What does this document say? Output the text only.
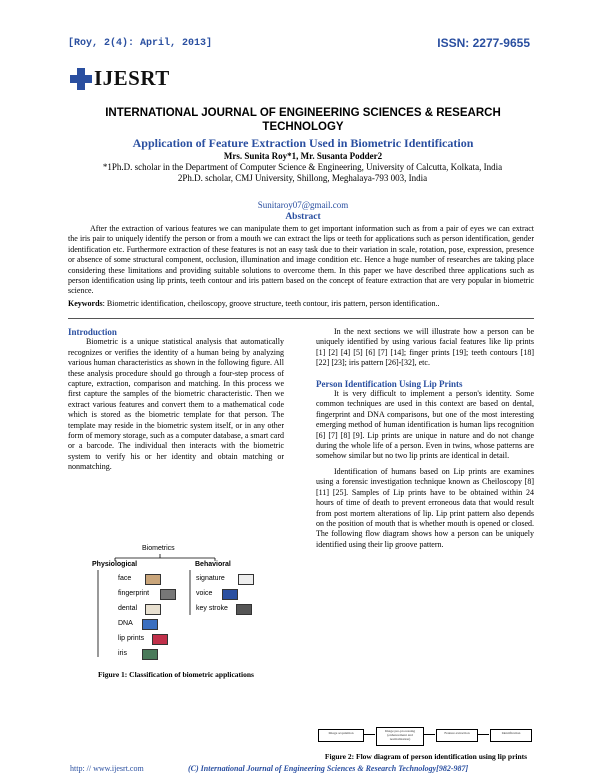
[Roy, 2(4): April, 2013]	ISSN: 2277-9655
IJESRT
INTERNATIONAL JOURNAL OF ENGINEERING SCIENCES & RESEARCH TECHNOLOGY
Application of Feature Extraction Used in Biometric Identification
Mrs. Sunita Roy*1, Mr. Susanta Podder2
*1Ph.D. scholar in the Department of Computer Science & Engineering, University of Calcutta, Kolkata, India
2Ph.D. scholar, CMJ University, Shillong, Meghalaya-793 003, India
Sunitaroy07@gmail.com
Abstract
After the extraction of various features we can manipulate them to get important information such as from a pair of eyes we can extract the iris pair to uniquely identify the person or from a mouth we can extract the lips or teeth for applications such as person identification, gender identification etc. Furthermore extraction of these features is not an easy task due to their variation in scale, rotation, pose, expression, presence or absence of some structural component, occlusion, illumination and image condition etc. Hence a huge number of researches are taking place considering these limitations and providing suitable solutions to overcome them. In this paper we have described three applications such as person identification using lip prints, teeth contour and iris pattern based on the concept of feature extraction that are very popular in biometric science.
Keywords: Biometric identification, cheiloscopy, groove structure, teeth contour, iris pattern, person identification..
Introduction

Biometric is a unique statistical analysis that automatically recognizes or verifies the identity of a human being by analyzing various human characteristics as shown in the following figure. All these analysis procedure should go through a four-step process of capture, extraction, comparison and matching. In this process we first capture the samples of the biometric characteristic. Then we extract various features and convert them to a mathematical code which is stored as the biometric template for that person. The template may reside in the biometric system itself, or in any other form of memory storage, such as a computer database, a smart card or a barcode. The individual then interacts with the biometric system to verify his or her identity and obtain matching or nonmatching.

Biometrics
Physiological	Behavioral
face
fingerprint
dental
DNA
lip prints
iris
signature
voice
key stroke
Figure 1: Classification of biometric applications

In the next sections we will illustrate how a person can be uniquely identified by using various facial features like lip prints [1] [2] [4] [5] [6] [7] [14]; finger prints [19]; teeth contours [18] [22] [23]; iris pattern [26]-[32], etc.

Person Identification Using Lip Prints

It is very difficult to implement a person's identity. Some common techniques are used in this context are based on dental, fingerprint and DNA comparisons, but one of the most interesting emerging method of human identification is human lips recognition [6] [7] [8] [9]. Lip prints are unique in nature and do not change during the whole life of a person. Even in twins, whose patterns are somehow similar but no two lip prints are identical in detail.

Identification of humans based on Lip prints are examines using a forensic investigation technique known as Cheiloscopy [8] [11] [25]. Samples of Lip prints have to be obtained within 24 hours of time of death to prevent erroneous data that would result from post mortem alterations of lip. Lip print pattern also depends on the position of mouth that is whether mouth is opened or closed. The following flow diagram shows how a person can be uniquely identified using their lip groove pattern.

Image acquisition	Image pre-processing (enhancement and normalization)
Feature extraction	Identification
http: // www.ijesrt.com	(C) International Journal of Engineering Sciences & Research Technology[982-987]
Figure 2: Flow diagram of person identification using lip prints
